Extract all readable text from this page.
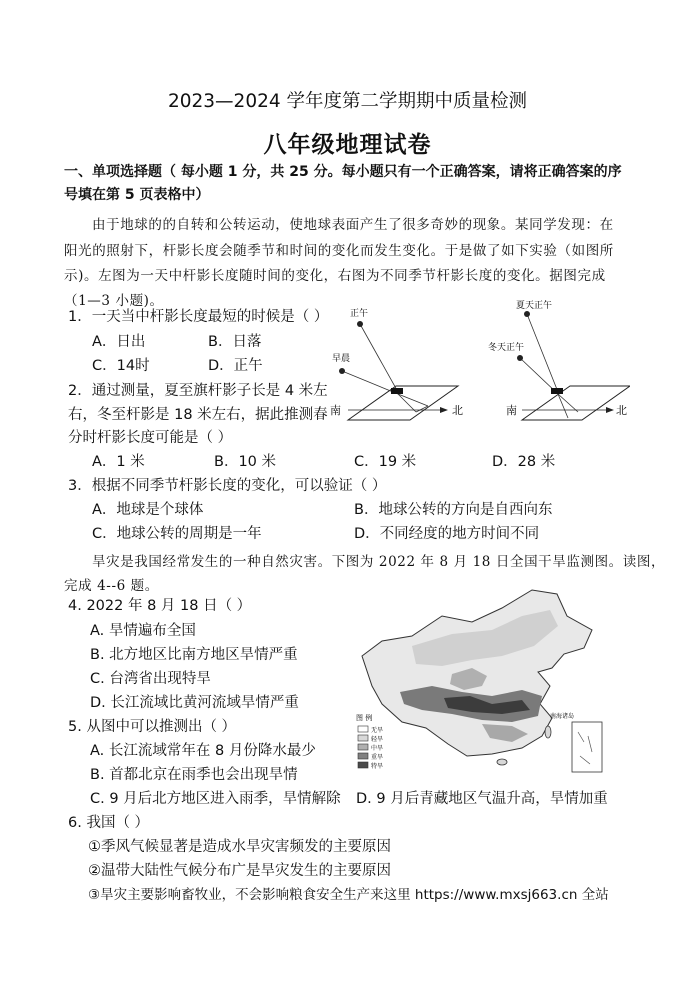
2023—2024 学年度第二学期期中质量检测
八年级地理试卷
一、单项选择题（ 每小题 1 分，共 25 分。每小题只有一个正确答案，请将正确答案的序
号填在第 5 页表格中）
由于地球的的自转和公转运动，使地球表面产生了很多奇妙的现象。某同学发现：在
阳光的照射下，杆影长度会随季节和时间的变化而发生变化。于是做了如下实验（如图所
示)。左图为一天中杆影长度随时间的变化，右图为不同季节杆影长度的变化。据图完成
（1—3 小题)。
1．一天当中杆影长度最短的时候是（ ）
A．日出	B．日落
C．14时	D．正午
2．通过测量，夏至旗杆影子长是 4 米左
右，冬至杆影是 18 米左右，据此推测春
分时杆影长度可能是（ ）
A．1 米	B．10 米	C．19 米	D．28 米
3．根据不同季节杆影长度的变化，可以验证（ ）
A．地球是个球体	B．地球公转的方向是自西向东
C．地球公转的周期是一年	D．不同经度的地方时间不同
旱灾是我国经常发生的一种自然灾害。下图为 2022 年 8 月 18 日全国干旱监测图。读图，
完成 4--6 题。
4. 2022 年 8 月 18 日（ ）
A. 旱情遍布全国
B. 北方地区比南方地区旱情严重
C. 台湾省出现特旱
D. 长江流域比黄河流域旱情严重
5. 从图中可以推测出（ ）
A. 长江流域常年在 8 月份降水最少
B. 首都北京在雨季也会出现旱情
C. 9 月后北方地区进入雨季，旱情解除 D. 9 月后青藏地区气温升高，旱情加重
6. 我国（ ）
①季风气候显著是造成水旱灾害频发的主要原因
②温带大陆性气候分布广是旱灾发生的主要原因
③旱灾主要影响畜牧业，不会影响粮食安全生产来这里 https://www.mxsj663.cn 全站
正午
早晨
南	北
夏天正午
冬天正午
南	北
图 例
无旱
轻旱
中旱
重旱
特旱
南海诸岛
